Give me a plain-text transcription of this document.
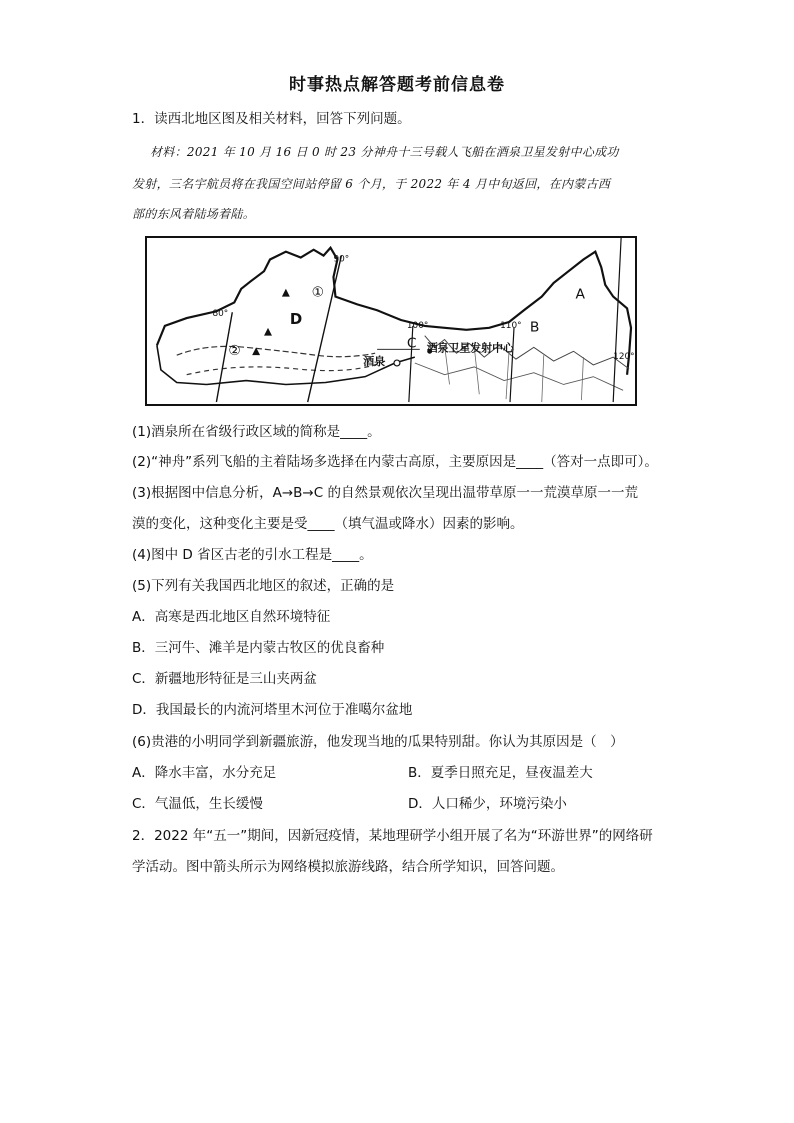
时事热点解答题考前信息卷
1．读西北地区图及相关材料，回答下列问题。
材料：2021 年 10 月 16 日 0 时 23 分神舟十三号载人飞船在酒泉卫星发射中心成功
发射，三名宇航员将在我国空间站停留 6 个月，于 2022 年 4 月中旬返回，在内蒙古西
部的东风着陆场着陆。
90°
80°
100°	110°
120°
①
②
D
A
B
C
酒泉
酒泉卫星发射中心
(1)酒泉所在省级行政区域的简称是____。
(2)“神舟”系列飞船的主着陆场多选择在内蒙古高原，主要原因是____（答对一点即可）。
(3)根据图中信息分析，A→B→C 的自然景观依次呈现出温带草原一一荒漠草原一一荒
漠的变化，这种变化主要是受____（填气温或降水）因素的影响。
(4)图中 D 省区古老的引水工程是____。
(5)下列有关我国西北地区的叙述，正确的是
A．高寒是西北地区自然环境特征
B．三河牛、滩羊是内蒙古牧区的优良畜种
C．新疆地形特征是三山夹两盆
D．我国最长的内流河塔里木河位于准噶尔盆地
(6)贵港的小明同学到新疆旅游，他发现当地的瓜果特别甜。你认为其原因是（　）
A．降水丰富，水分充足	B．夏季日照充足，昼夜温差大
C．气温低，生长缓慢	D．人口稀少，环境污染小
2．2022 年“五一”期间，因新冠疫情，某地理研学小组开展了名为“环游世界”的网络研
学活动。图中箭头所示为网络模拟旅游线路，结合所学知识，回答问题。
